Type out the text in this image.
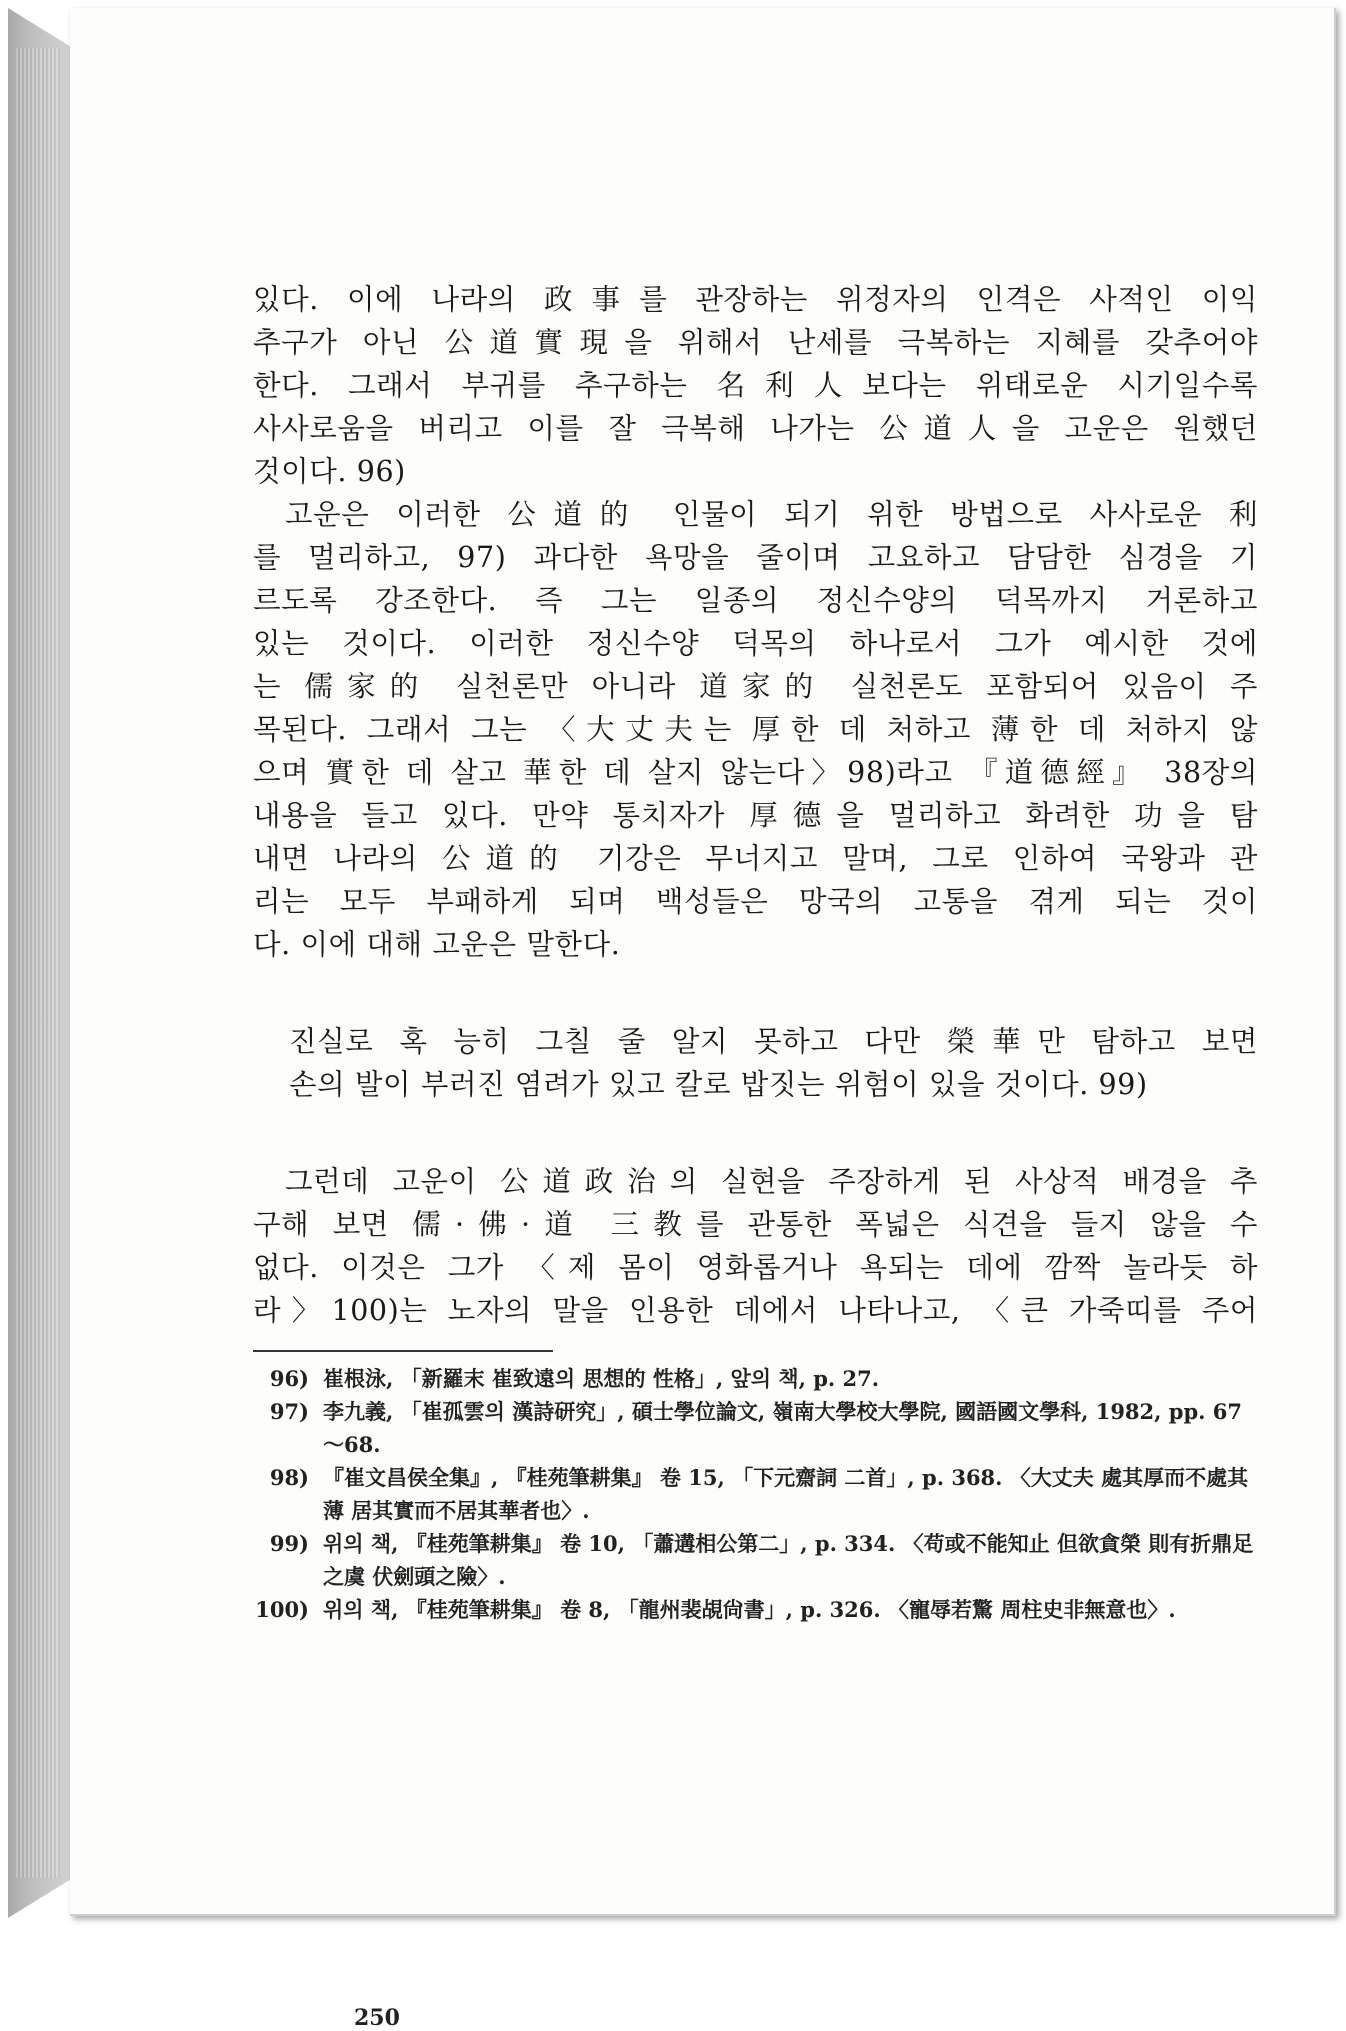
있다. 이에 나라의 政事를 관장하는 위정자의 인격은 사적인 이익
추구가 아닌 公道實現을 위해서 난세를 극복하는 지혜를 갖추어야
한다. 그래서 부귀를 추구하는 名利人보다는 위태로운 시기일수록
사사로움을 버리고 이를 잘 극복해 나가는 公道人을 고운은 원했던
것이다. 96)
고운은 이러한 公道的 인물이 되기 위한 방법으로 사사로운 利
를 멀리하고, 97) 과다한 욕망을 줄이며 고요하고 담담한 심경을 기
르도록 강조한다. 즉 그는 일종의 정신수양의 덕목까지 거론하고
있는 것이다. 이러한 정신수양 덕목의 하나로서 그가 예시한 것에
는 儒家的 실천론만 아니라 道家的 실천론도 포함되어 있음이 주
목된다. 그래서 그는 〈大丈夫는 厚한 데 처하고 薄한 데 처하지 않
으며 實한 데 살고 華한 데 살지 않는다〉98)라고 『道德經』 38장의
내용을 들고 있다. 만약 통치자가 厚德을 멀리하고 화려한 功을 탐
내면 나라의 公道的 기강은 무너지고 말며, 그로 인하여 국왕과 관
리는 모두 부패하게 되며 백성들은 망국의 고통을 겪게 되는 것이
다. 이에 대해 고운은 말한다.
진실로 혹 능히 그칠 줄 알지 못하고 다만 榮華만 탐하고 보면
손의 발이 부러진 염려가 있고 칼로 밥짓는 위험이 있을 것이다. 99)
그런데 고운이 公道政治의 실현을 주장하게 된 사상적 배경을 추
구해 보면 儒·佛·道 三教를 관통한 폭넓은 식견을 들지 않을 수
없다. 이것은 그가 〈제 몸이 영화롭거나 욕되는 데에 깜짝 놀라듯 하
라〉100)는 노자의 말을 인용한 데에서 나타나고, 〈큰 가죽띠를 주어
96) 崔根泳, 「新羅末 崔致遠의 思想的 性格」, 앞의 책, p. 27.
97) 李九義, 「崔孤雲의 漢詩研究」, 碩士學位論文, 嶺南大學校大學院, 國語國文學科, 1982, pp. 67～68.
98) 『崔文昌侯全集』, 『桂苑筆耕集』 卷 15, 「下元齋詞 二首」, p. 368. 〈大丈夫 處其厚而不處其薄 居其實而不居其華者也〉.
99) 위의 책, 『桂苑筆耕集』 卷 10, 「蕭遘相公第二」, p. 334. 〈苟或不能知止 但欲貪榮 則有折鼎足之虞 伏劍頭之險〉.
100) 위의 책, 『桂苑筆耕集』 卷 8, 「龍州裴覘尙書」, p. 326. 〈寵辱若驚 周柱史非無意也〉.
250
